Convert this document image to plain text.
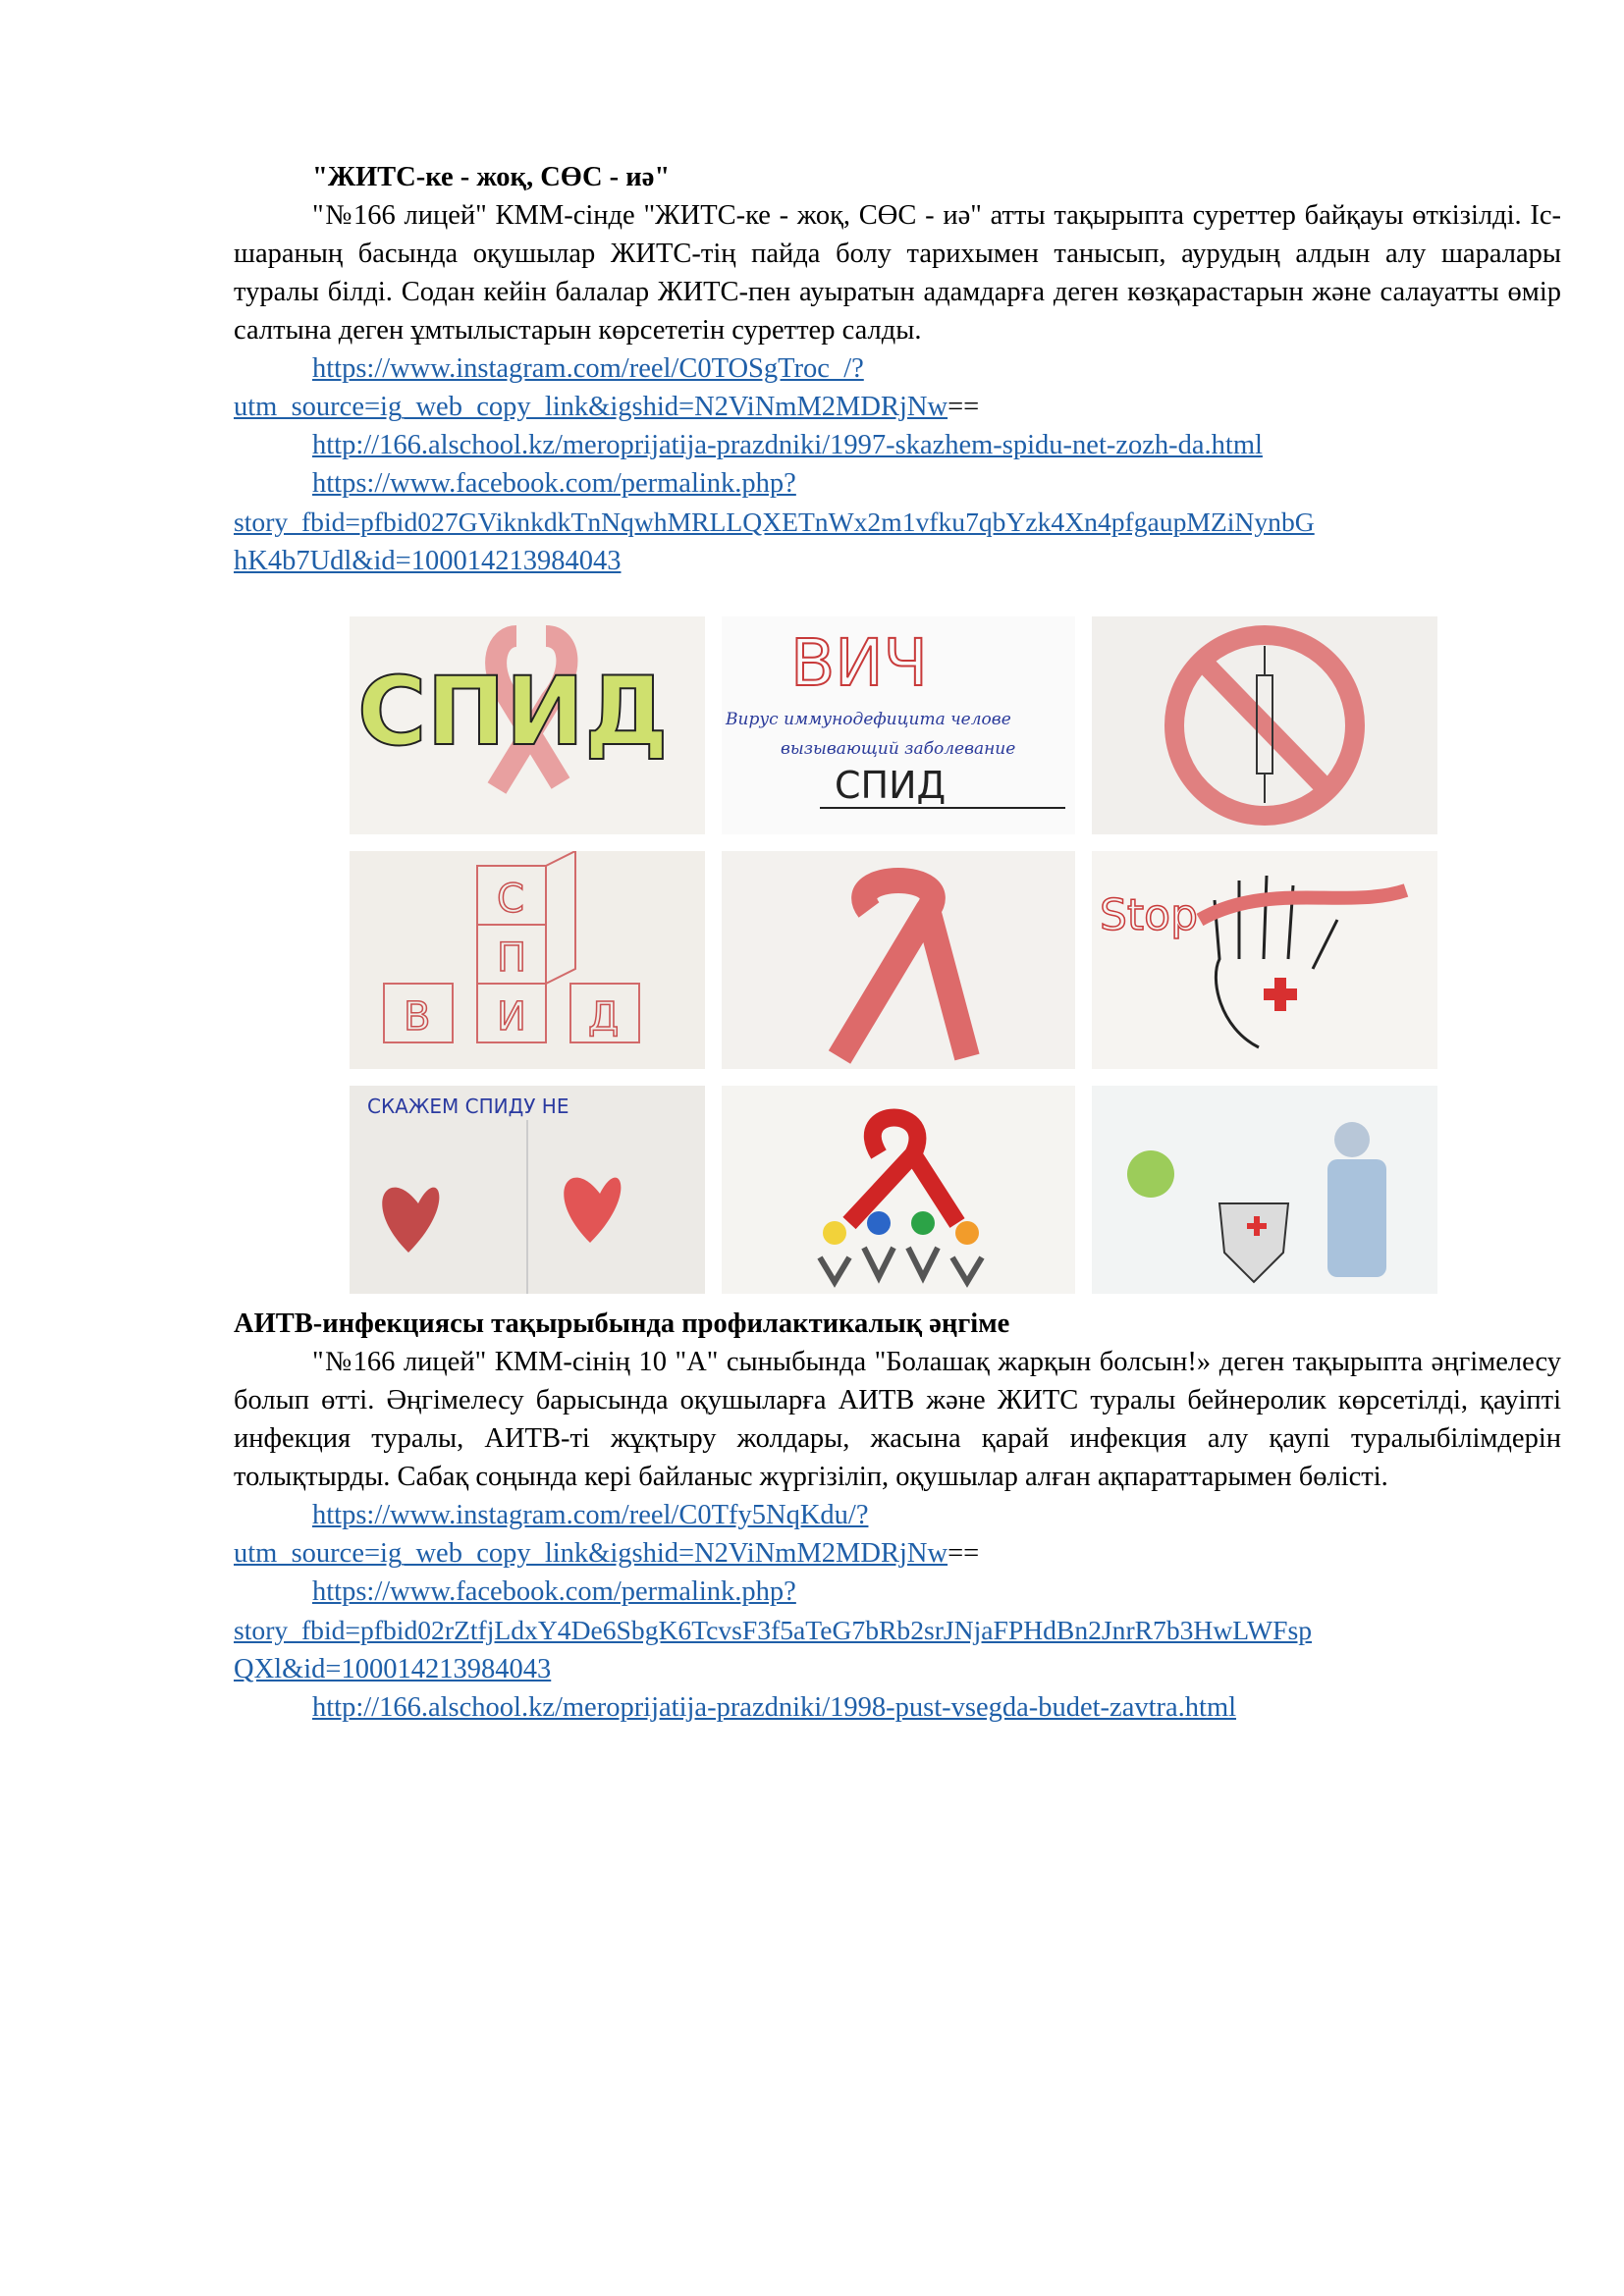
"ЖИТС-ке - жоқ, СӨС - иә"
"№166 лицей" КММ-сінде "ЖИТС-ке - жоқ, СӨС - иә" атты тақырыпта суреттер байқауы өткізілді. Іс-шараның басында оқушылар ЖИТС-тің пайда болу тарихымен танысып, аурудың алдын алу шаралары туралы білді. Содан кейін балалар ЖИТС-пен ауыратын адамдарға деген көзқарастарын және салауатты өмір салтына деген ұмтылыстарын көрсететін суреттер салды.
https://www.instagram.com/reel/C0TOSgTroc_/?
utm_source=ig_web_copy_link&igshid=N2ViNmM2MDRjNw==
http://166.alschool.kz/meroprijatija-prazdniki/1997-skazhem-spidu-net-zozh-da.html
https://www.facebook.com/permalink.php?
story_fbid=pfbid027GViknkdkTnNqwhMRLLQXETnWx2m1vfku7qbYzk4Xn4pfgaupMZiNynbG
hK4b7Udl&id=100014213984043
СПИД ВИЧ
Вирус иммунодефицита челове
вызывающий заболевание
СПИД
С
П
В И Д
Stop
СКАЖЕМ СПИДУ НЕ
АИТВ-инфекциясы тақырыбында профилактикалық әңгіме
"№166 лицей" КММ-сінің 10 "А" сыныбында "Болашақ жарқын болсын!» деген тақырыпта әңгімелесу болып өтті. Әңгімелесу барысында оқушыларға АИТВ және ЖИТС туралы бейнеролик көрсетілді, қауіпті инфекция туралы, АИТВ-ті жұқтыру жолдары, жасына қарай инфекция алу қаупі туралыбілімдерін толықтырды. Сабақ соңында кері байланыс жүргізіліп, оқушылар алған ақпараттарымен бөлісті.
https://www.instagram.com/reel/C0Tfy5NqKdu/?
utm_source=ig_web_copy_link&igshid=N2ViNmM2MDRjNw==
https://www.facebook.com/permalink.php?
story_fbid=pfbid02rZtfjLdxY4De6SbgK6TcvsF3f5aTeG7bRb2srJNjaFPHdBn2JnrR7b3HwLWFsp
QXl&id=100014213984043
http://166.alschool.kz/meroprijatija-prazdniki/1998-pust-vsegda-budet-zavtra.html
